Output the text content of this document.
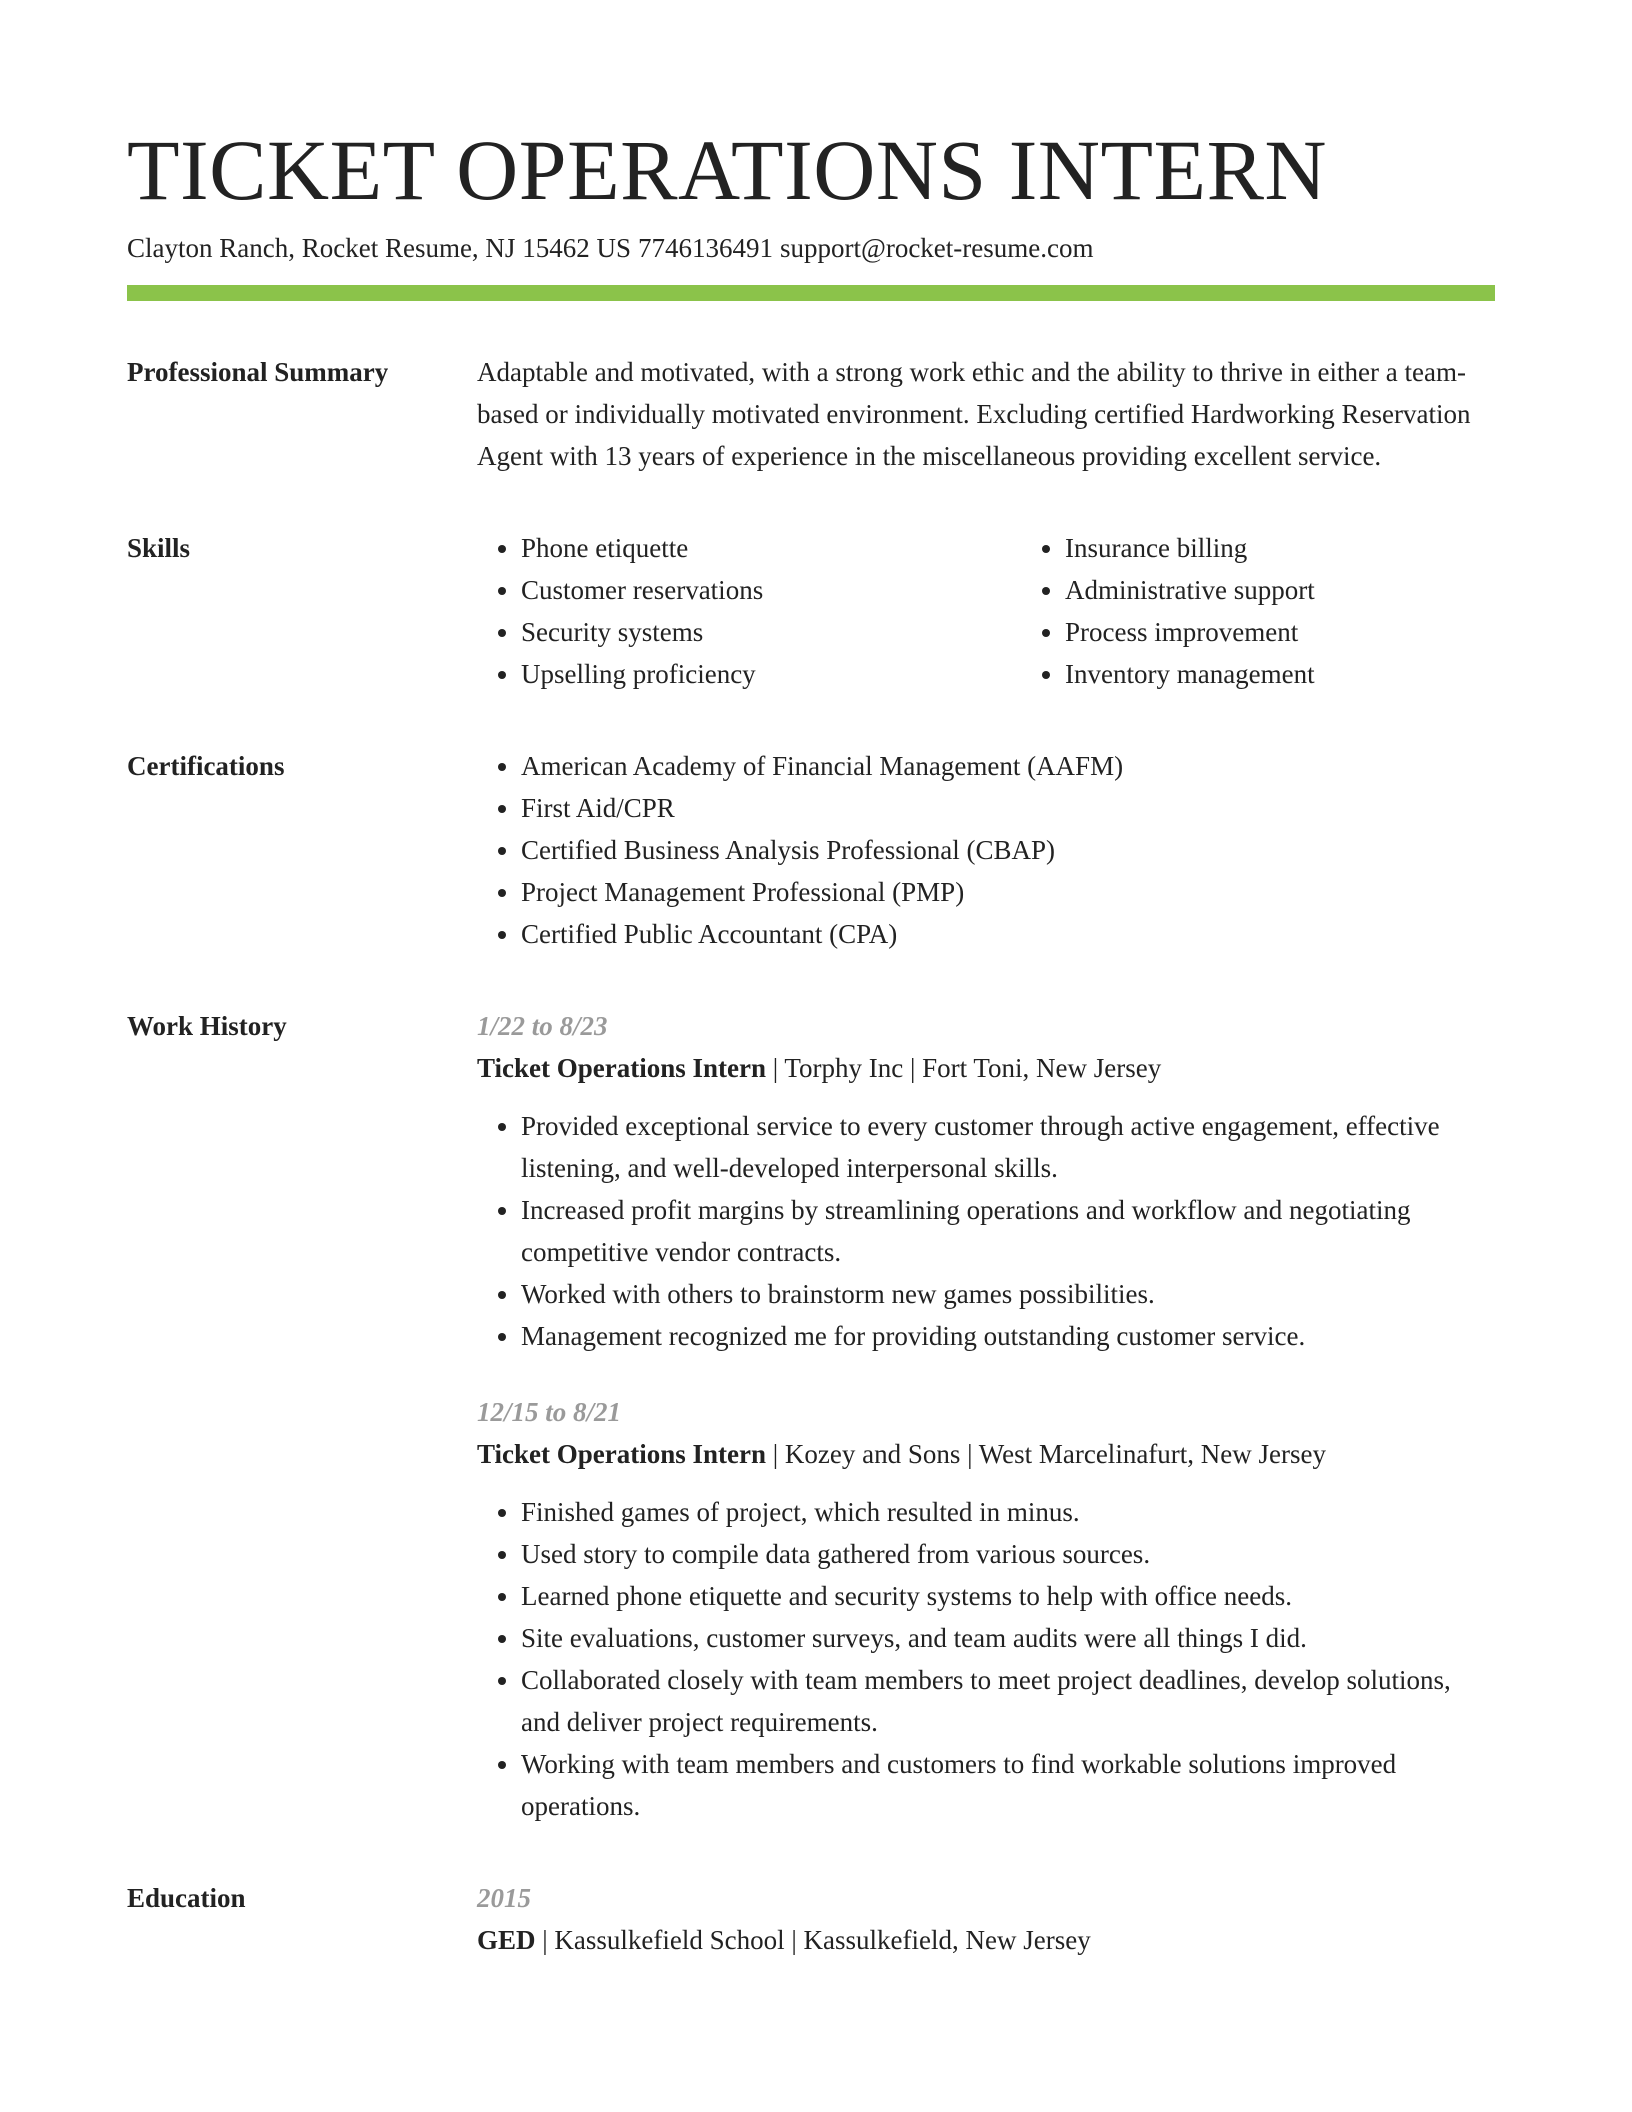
TICKET OPERATIONS INTERN
Clayton Ranch, Rocket Resume, NJ 15462 US 7746136491 support@rocket-resume.com
Professional Summary	Adaptable and motivated, with a strong work ethic and the ability to thrive in either a team-based or individually motivated environment. Excluding certified Hardworking Reservation Agent with 13 years of experience in the miscellaneous providing excellent service.
Skills	• Phone etiquette
• Customer reservations
• Security systems
• Upselling proficiency
• Insurance billing
• Administrative support
• Process improvement
• Inventory management
Certifications	• American Academy of Financial Management (AAFM)
• First Aid/CPR
• Certified Business Analysis Professional (CBAP)
• Project Management Professional (PMP)
• Certified Public Accountant (CPA)
Work History	1/22 to 8/23
Ticket Operations Intern | Torphy Inc | Fort Toni, New Jersey
• Provided exceptional service to every customer through active engagement, effective listening, and well-developed interpersonal skills.
• Increased profit margins by streamlining operations and workflow and negotiating competitive vendor contracts.
• Worked with others to brainstorm new games possibilities.
• Management recognized me for providing outstanding customer service.
12/15 to 8/21
Ticket Operations Intern | Kozey and Sons | West Marcelinafurt, New Jersey
• Finished games of project, which resulted in minus.
• Used story to compile data gathered from various sources.
• Learned phone etiquette and security systems to help with office needs.
• Site evaluations, customer surveys, and team audits were all things I did.
• Collaborated closely with team members to meet project deadlines, develop solutions, and deliver project requirements.
• Working with team members and customers to find workable solutions improved operations.
Education	2015
GED | Kassulkefield School | Kassulkefield, New Jersey
